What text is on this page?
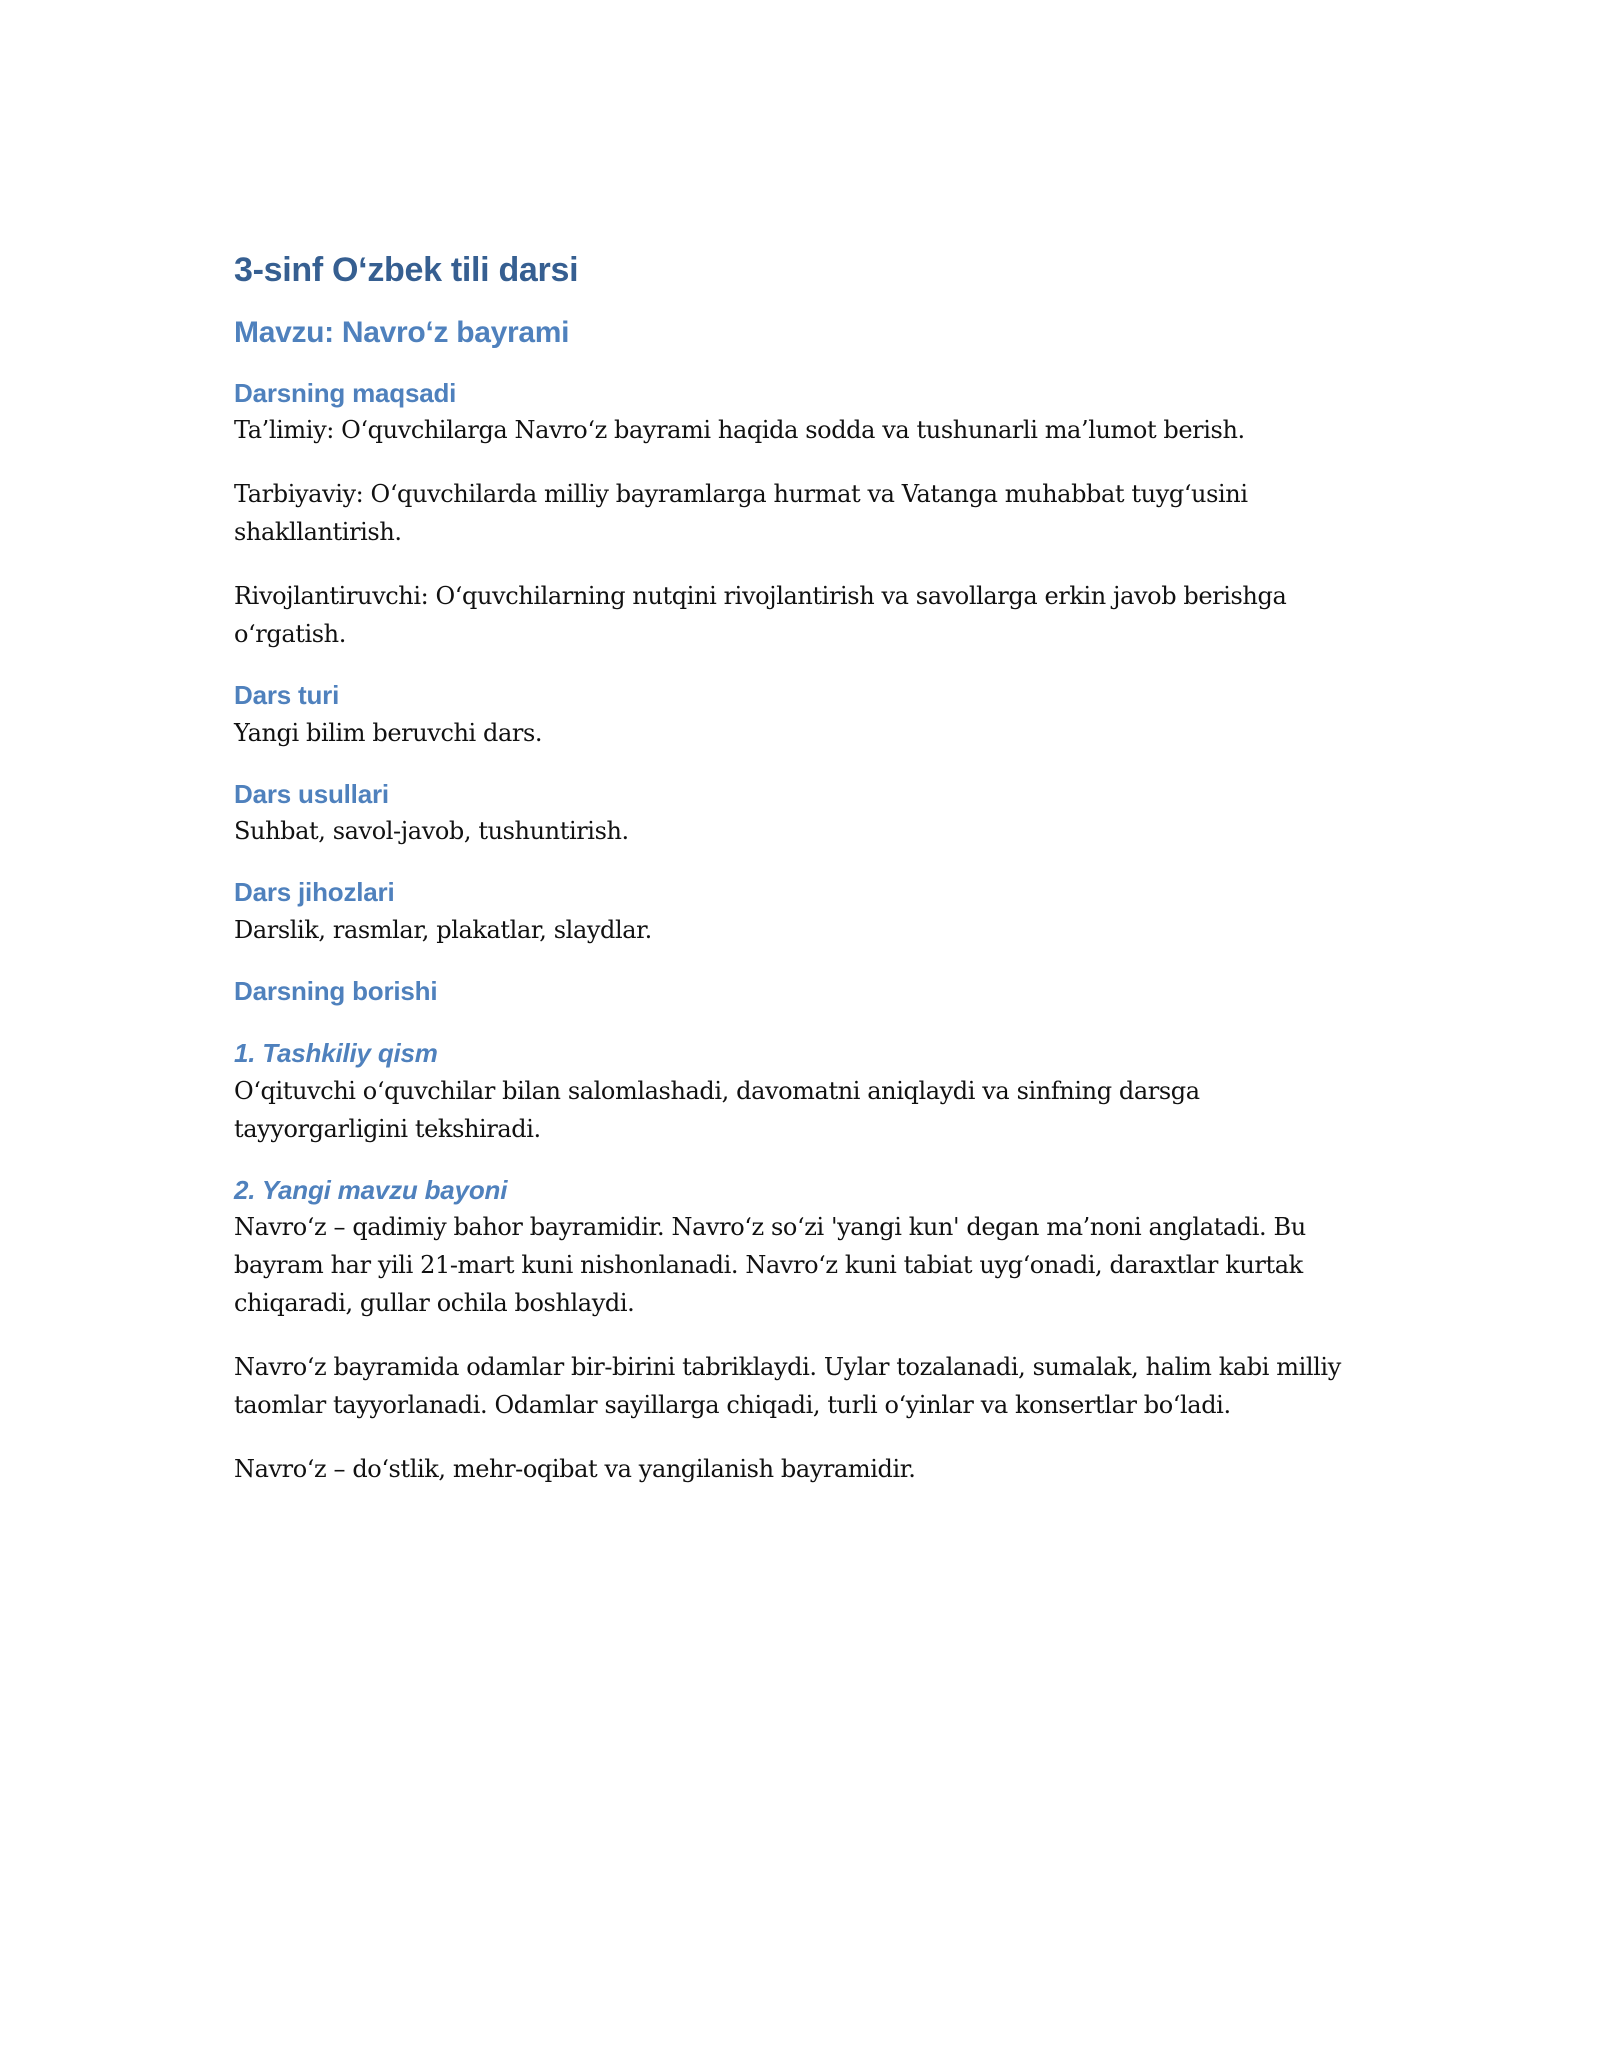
3-sinf O‘zbek tili darsi
Mavzu: Navro‘z bayrami
Darsning maqsadi

Ta’limiy: O‘quvchilarga Navro‘z bayrami haqida sodda va tushunarli ma’lumot berish.

Tarbiyaviy: O‘quvchilarda milliy bayramlarga hurmat va Vatanga muhabbat tuyg‘usini shakllantirish.

Rivojlantiruvchi: O‘quvchilarning nutqini rivojlantirish va savollarga erkin javob berishga o‘rgatish.

Dars turi

Yangi bilim beruvchi dars.

Dars usullari

Suhbat, savol-javob, tushuntirish.

Dars jihozlari

Darslik, rasmlar, plakatlar, slaydlar.

Darsning borishi
1. Tashkiliy qism

O‘qituvchi o‘quvchilar bilan salomlashadi, davomatni aniqlaydi va sinfning darsga tayyorgarligini tekshiradi.

2. Yangi mavzu bayoni

Navro‘z – qadimiy bahor bayramidir. Navro‘z so‘zi 'yangi kun' degan ma’noni anglatadi. Bu bayram har yili 21-mart kuni nishonlanadi. Navro‘z kuni tabiat uyg‘onadi, daraxtlar kurtak chiqaradi, gullar ochila boshlaydi.

Navro‘z bayramida odamlar bir-birini tabriklaydi. Uylar tozalanadi, sumalak, halim kabi milliy taomlar tayyorlanadi. Odamlar sayillarga chiqadi, turli o‘yinlar va konsertlar bo‘ladi.

Navro‘z – do‘stlik, mehr-oqibat va yangilanish bayramidir.
